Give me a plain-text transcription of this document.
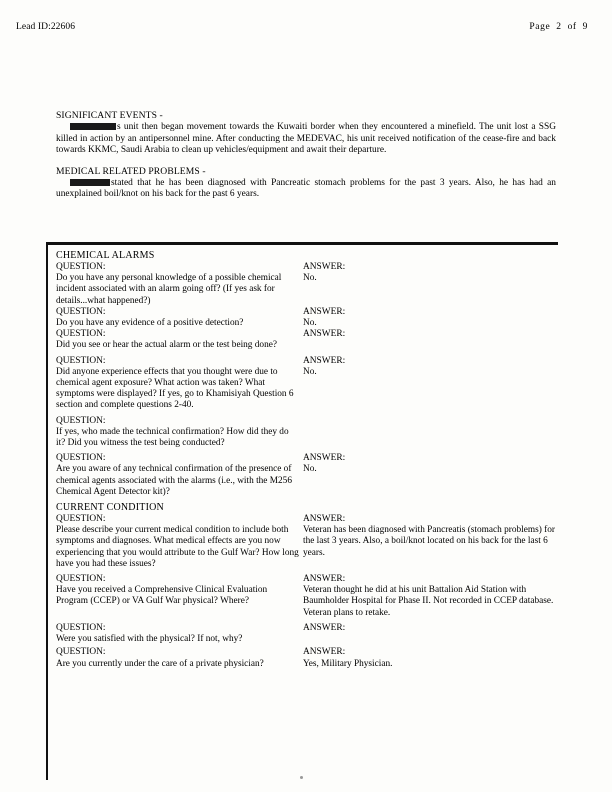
Lead ID:22606	Page 2 of 9

SIGNIFICANT EVENTS -

s unit then began movement towards the Kuwaiti border when they encountered a minefield. The unit lost a SSG killed in action by an antipersonnel mine. After conducting the MEDEVAC, his unit received notification of the cease-fire and back towards KKMC, Saudi Arabia to clean up vehicles/equipment and await their departure.

MEDICAL RELATED PROBLEMS -

stated that he has been diagnosed with Pancreatic stomach problems for the past 3 years. Also, he has had an unexplained boil/knot on his back for the past 6 years.

CHEMICAL ALARMS

QUESTION:

Do you have any personal knowledge of a possible chemical incident associated with an alarm going off? (If yes ask for details...what happened?)

ANSWER:

No.

QUESTION:

Do you have any evidence of a positive detection?

ANSWER:

No.

QUESTION:

Did you see or hear the actual alarm or the test being done?

ANSWER:

QUESTION:

Did anyone experience effects that you thought were due to chemical agent exposure? What action was taken? What symptoms were displayed? If yes, go to Khamisiyah Question 6 section and complete questions 2-40.

ANSWER:

No.

QUESTION:

If yes, who made the technical confirmation? How did they do it? Did you witness the test being conducted?

QUESTION:

Are you aware of any technical confirmation of the presence of chemical agents associated with the alarms (i.e., with the M256 Chemical Agent Detector kit)?

ANSWER:

No.

CURRENT CONDITION

QUESTION:

Please describe your current medical condition to include both symptoms and diagnoses. What medical effects are you now experiencing that you would attribute to the Gulf War? How long have you had these issues?

ANSWER:

Veteran has been diagnosed with Pancreatis (stomach problems) for the last 3 years. Also, a boil/knot located on his back for the last 6 years.

QUESTION:

Have you received a Comprehensive Clinical Evaluation Program (CCEP) or VA Gulf War physical? Where?

ANSWER:

Veteran thought he did at his unit Battalion Aid Station with Baumholder Hospital for Phase II. Not recorded in CCEP database. Veteran plans to retake.

QUESTION:

Were you satisfied with the physical? If not, why?

ANSWER:

QUESTION:

Are you currently under the care of a private physician?

ANSWER:

Yes, Military Physician.
